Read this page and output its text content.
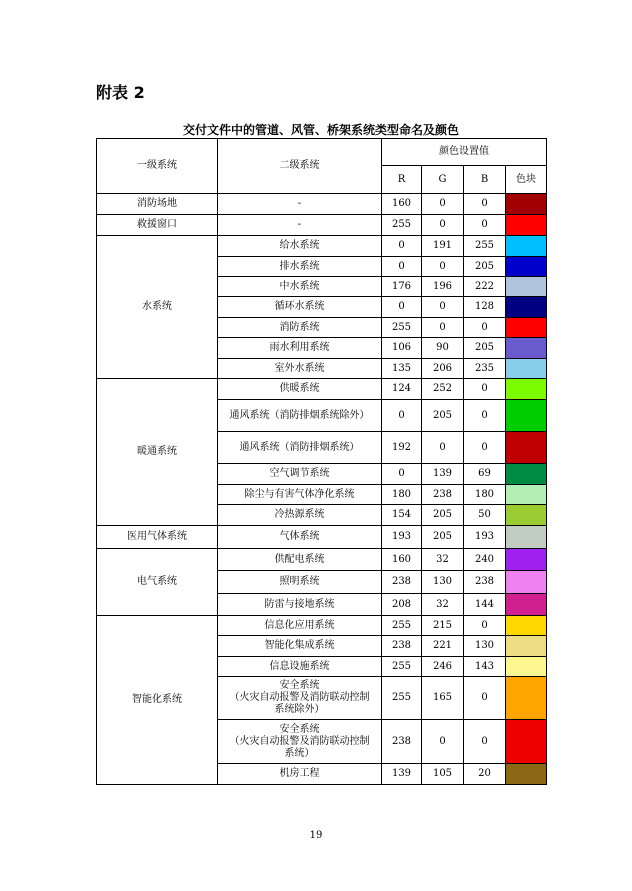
附表 2
交付文件中的管道、风管、桥架系统类型命名及颜色
一级系统	二级系统	颜色设置值			
		R	G	B	色块
消防场地	-	160	0	0	

救援窗口	-	255	0	0	

水系统	给水系统	0	191	255	

	排水系统	0	0	205	

	中水系统	176	196	222	

	循环水系统	0	0	128	

	消防系统	255	0	0	

	雨水利用系统	106	90	205	

	室外水系统	135	206	235	

暖通系统	供暖系统	124	252	0	

	通风系统（消防排烟系统除外）	0	205	0	

	通风系统（消防排烟系统）	192	0	0	

	空气调节系统	0	139	69	

	除尘与有害气体净化系统	180	238	180	

	冷热源系统	154	205	50	

医用气体系统	气体系统	193	205	193	

电气系统	供配电系统	160	32	240	

	照明系统	238	130	238	

	防雷与接地系统	208	32	144	

智能化系统	信息化应用系统	255	215	0	

	智能化集成系统	238	221	130	

	信息设施系统	255	246	143	

	安全系统
（火灾自动报警及消防联动控制
系统除外）	255	165	0	

	安全系统
（火灾自动报警及消防联动控制
系统）	238	0	0	

	机房工程	139	105	20	
19
